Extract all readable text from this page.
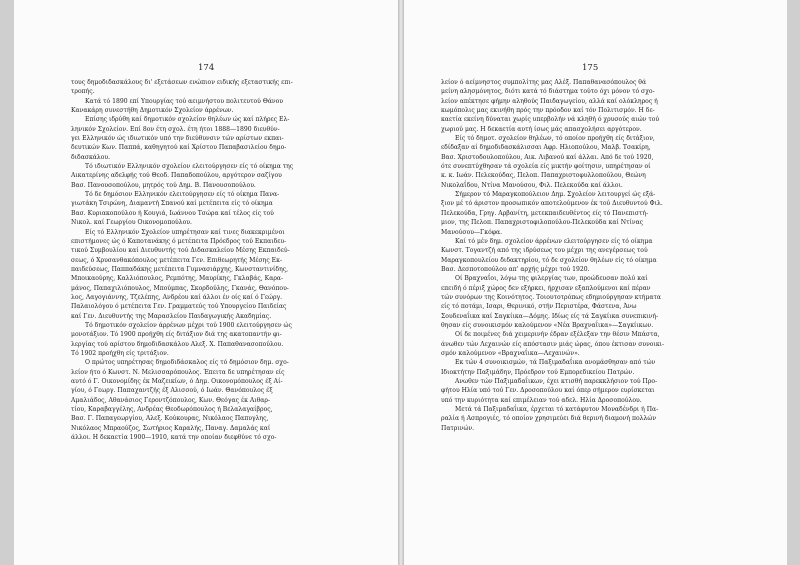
174

τους δημοδιδασκάλους δι' εξετάσεων ενώπιον ειδικής εξεταστικής επι-

τροπής.

Κατά τό 1890 επί Υπουργίας τού αειμνήστου πολιτευτού Θάνου

Κανακάρη συνεστήθη Δημοτικόν Σχολείον άρρένων.

Επίσης ιδρύθη καί δημοτικόν σχολείον θηλέων ώς καί πλήρες Ελ-

ληνικόν Σχολείον. Επί 8ον έτη σχολ. έτη ήτοι 1888—1890 διευθύν-

γει Ελληνικόν ώς ιδιωτικόν υπό την διεύθυνσιν τών αρίστων εκπαι-

δευτικών Κων. Παππά, καθηγητού καί Χρίστου Παπαβασιλείου δημο-

διδασκάλου.

Τό ιδιωτικόν Ελληνικόν σχολείον ελειτούργησεν είς τό οίκημα της

Αικατερίνης αδελφής τού Θεοδ. Παπαδοπούλου, αργότερον σαζίγου

Βασ. Πανουσοπούλου, μητρός τού Δημ. Β. Πανουσοπούλου.

Τό δε δημόσιον Ελληνικόν ελειτούργησεν είς τό οίκημα Πανα-

γιωτάκη Τσιρώνη, Διαμαντή Σπανού καί μετέπειτα είς τό οίκημα

Βασ. Κυριακοπούλου ή Κουγιά, Ιωάννου Τσώρα καί τέλος είς τού

Νικολ. καί Γεωργίου Οικονομοπούλου.

Είς τό Ελληνικόν Σχολείον υπηρέτησαν καί τινες διακεκριμένοι

επιστήμονες ώς ό Καποτανάκης ό μετέπειτα Πρόεδρος τού Εκπαιδευ-

τικού Συμβουλίου καί Διευθυντής τού Διδασκαλείου Μέσης Εκπαιδεύ-

σεως, ό Χρυσανθακόπουλος μετέπειτα Γεν. Επιθεωρητής Μέσης Εκ-

παιδεύσεως, Παππαδάκης μετέπειτα Γυμνασιάρχης, Κωνσταντινίδης,

Μποικαούρης, Καλλιόπουλος, Ρεμπότης, Μαυρίκης, Γκλαβάς, Καρα-

μάνος, Παπαχιλιόπουλος, Μπούμπας, Σκορδούλης, Γκανάς, Θανόπου-

λος, Λαγογιάννης, Τζελέπης, Ανδρέου καί άλλοι έν οίς καί ό Γεώργ.

Παλαιολόγου ό μετέπειτα Γεν. Γραμματεύς τού Υπουργείου Παιδείας

καί Γεν. Διευθυντής της Μαρασλείου Παιδαγωγικής Ακαδημίας.

Τό δημοτικόν σχολείον άρρένων μέχρι τού 1900 ελειτούργησεν ώς

μονοτάξιον. Τό 1900 προήχθη είς διτάξιον διά της ακατοπαντήν φι-

λεργίας τού αρίστου δημοδιδασκάλου Αλεξ. Χ. Παπαθανασοπούλου.

Τό 1902 προήχθη είς τριτάξιον.

Ο πρώτος υπηρέτησας δημοδιδάσκαλος είς τό δημόσιον δημ. σχο-

λείον ήτο ό Κωνστ. Ν. Μελισσαρόπουλος. Έπειτα δε υπηρέτησαν είς

αυτό ό Γ. Οικονομίδης έκ Μαζεικίων, ό Δημ. Οικονομόπουλος έξ Αί-

γίου, ό Γεωργ. Παπαχαντζής έξ Αλισσού, ό Ιωάν. Θανόπουλος έξ

Αμαλιάδος, Αθανάσιος Γεροντζόπουλος, Κων. Θεόγας έκ Αιθαρ-

τίου, Καραβαγγέλης, Ανδρέας Θεοδωρόπουλος ή Βελαλαγαίβρος,

Βασ. Γ. Παπαγεωργίου, Αλεξ. Κούκουρας, Νικόλαος Παπυγλης,

Νικόλαος Μπραούζος, Σωτήριος Καραλής, Παναγ. Δαμαλάς καί

άλλοι. Η δεκαετία 1900—1910, κατά την οποίαν διεφθύνε τό σχο-

175

λείον ό αείμνηστος συμπολίτης μας Αλέξ. Παπαθανασόπουλος θά

μείνη αλησμόνητος, διότι κατά τό διάστημα τούτο όχι μόνον τό σχο-

λείον απέκτησε φήμην αληθούς Παιδαγωγείου, αλλά καί ολόκληρος ή

κωμόπολις μας εκινήθη πρός την πρόοδον καί τόν Πολιτισμόν. Η δε-

καετία εκείνη δύναται χωρίς υπερβολήν νά κληθή ό χρυσούς αιών τού

χωριού μας. Η δεκαετία αυτή ίσως μάς απασχολήσει αργότερον.

Είς τό δημοτ. σχολείον θηλέων, τό οποίον προήχθη είς διτάξιον,

εδίδαξαν αί δημοδιδασκάλισσαι Αφρ. Ηλιοπούλου, Μαλβ. Τσακίρη,

Βασ. Χριστοδουλοπούλου, Αικ. Λιβανού καί άλλαι. Από δε τού 1920,

ότε συνεπτύχθησαν τά σχολεία είς μικτήν φοίτησιν, υπηρέτησαν οί

κ. κ. Ιωάν. Πελεκούδας, Πελοπ. Παπαχριστοφυλλοπούλου, Θεώνη

Νικολαΐδου, Ντίνα Μανούσου, Φιλ. Πελεκούδα καί άλλοι.

Σήμερον τό Μαραγκοπούλειον Δημ. Σχολείον λειτουργεί ώς εξά-

ξιον μέ τό άριστον προσωπικόν αποτελούμενον έκ τού Διευθυντού Φιλ.

Πελεκούδα, Γρηγ. Αρβανίτη, μετεκπαιδευθέντος είς τό Πανεπιστή-

μιον, της Πελοπ. Παπαχριστοφιλοπούλου-Πελεκούδα καί Ντίνας

Μανούσου—Γκόφα.

Καί τό μέν δημ. σχολείον άρρένων ελειτούργησεν είς τό οίκημα

Κωνστ. Τογαντζή από της ιδρύσεως του μέχρι της ανεγέρσεως τού

Μαραγκοπουλείου διδακτηρίου, τό δε σχολείον θηλέων είς τό οίκημα

Βασ. Δεσποτοπούλου απ' αρχής μέχρι τού 1920.

Οί Βραχναΐοι, λόγω της φιλεργίας των, προώδευσαν πολύ καί

επειδή ό πέριξ χώρος δεν εξήρκει, ήρχισαν εξαπλούμενοι καί πέραν

τών συνόρων της Κοινότητος. Τοιουτοτρόπως εδημιούργησαν κτήματα

είς τό ποτάμι, Ισαρι, Θερινικό, στήν Περιστέρα, Φάστενα, Άνω

Σουδεναΐικα καί Σαγκίικα—Δόμης. Ιδίως είς τά Σαγκίικα συνεπικινή-

θησαν είς συνοικισμόν καλούμενον «Νέα Βραχναΐικα»—Σαγκίικων.

Οί δε ποιμένες διά χειμερινήν έδραν εξέλεξαν την θέσιν Μπάστα,

άνωθεν τών Λεχαινών είς απόστασιν μιάς ώρας, όπου έκτισαν συνοικι-

σμόν καλούμενον «Βραχναΐικα—Λεχαινών».

Εκ τών 4 συνοικισμών, τά Παξιμαδαΐικα ανομάσθησαν από τών

Ιδιοκτήτην Παξιμάδην, Πρόεδρον τού Εμπορεδικείου Πατρών.

Ανωθεν τών Παξιμαδαΐικων, έχει κτισθή παρεκκλήσιον τού Προ-

φήτου Ηλία υπό τού Γεν. Δροσοπούλου καί όπερ σήμερον ευρίσκεται

υπό την κυριότητα καί επιμέλειαν τού αδελ. Ηλία Δροσοπούλου.

Μετά τά Παξιμαδαΐικα, έρχεται τό κατάφυτον Μοναδένδρι ή Πα-

ραλία ή Ασπρογιές, τό οποίον χρησιμεύει διά θερινή διαμονή πολλών

Πατρινών.
